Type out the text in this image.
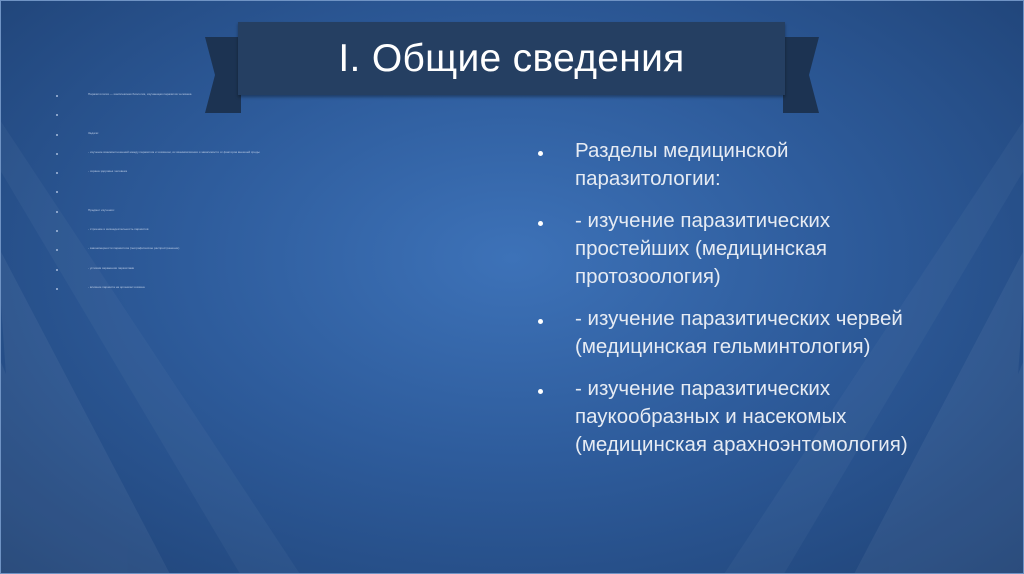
I. Общие сведения
Паразитология — комплексная биология, изучающая паразитов человека
Задачи:
- изучение взаимоотношений между паразитом и хозяином, их взаимовлияния и зависимости от факторов внешней среды
- охрана здоровья человека
Предмет изучения:
- строение и жизнедеятельность паразитов
- закономерности паразитоза (географическое распространение)
- условия заражения паразитами
- влияние паразита на организм хозяина
Разделы медицинской
паразитологии:
- изучение паразитических
простейших (медицинская
протозоология)
- изучение паразитических червей
(медицинская гельминтология)
- изучение паразитических
паукообразных и насекомых
(медицинская арахноэнтомология)
